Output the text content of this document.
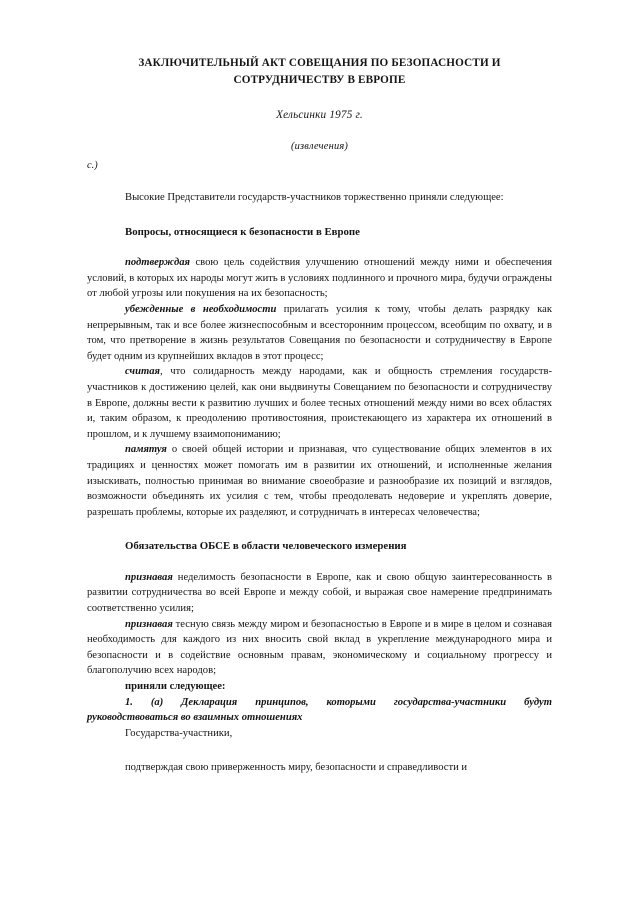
ЗАКЛЮЧИТЕЛЬНЫЙ АКТ СОВЕЩАНИЯ ПО БЕЗОПАСНОСТИ И
СОТРУДНИЧЕСТВУ В ЕВРОПЕ
Хельсинки 1975 г.
(извлечения)
с.)

Высокие Представители государств-участников торжественно приняли следующее:

Вопросы, относящиеся к безопасности в Европе

подтверждая свою цель содействия улучшению отношений между ними и обеспечения условий, в которых их народы могут жить в условиях подлинного и прочного мира, будучи ограждены от любой угрозы или покушения на их безопасность;

убежденные в необходимости прилагать усилия к тому, чтобы делать разрядку как непрерывным, так и все более жизнеспособным и всесторонним процессом, всеобщим по охвату, и в том, что претворение в жизнь результатов Совещания по безопасности и сотрудничеству в Европе будет одним из крупнейших вкладов в этот процесс;

считая, что солидарность между народами, как и общность стремления государств-участников к достижению целей, как они выдвинуты Совещанием по безопасности и сотрудничеству в Европе, должны вести к развитию лучших и более тесных отношений между ними во всех областях и, таким образом, к преодолению противостояния, проистекающего из характера их отношений в прошлом, и к лучшему взаимопониманию;

памятуя о своей общей истории и признавая, что существование общих элементов в их традициях и ценностях может помогать им в развитии их отношений, и исполненные желания изыскивать, полностью принимая во внимание своеобразие и разнообразие их позиций и взглядов, возможности объединять их усилия с тем, чтобы преодолевать недоверие и укреплять доверие, разрешать проблемы, которые их разделяют, и сотрудничать в интересах человечества;

Обязательства ОБСЕ в области человеческого измерения

признавая неделимость безопасности в Европе, как и свою общую заинтересованность в развитии сотрудничества во всей Европе и между собой, и выражая свое намерение предпринимать соответственно усилия;

признавая тесную связь между миром и безопасностью в Европе и в мире в целом и сознавая необходимость для каждого из них вносить свой вклад в укрепление международного мира и безопасности и в содействие основным правам, экономическому и социальному прогрессу и благополучию всех народов;

приняли следующее:

1. (а) Декларация принципов, которыми государства-участники будут руководствоваться во взаимных отношениях

Государства-участники,

подтверждая свою приверженность миру, безопасности и справедливости и
